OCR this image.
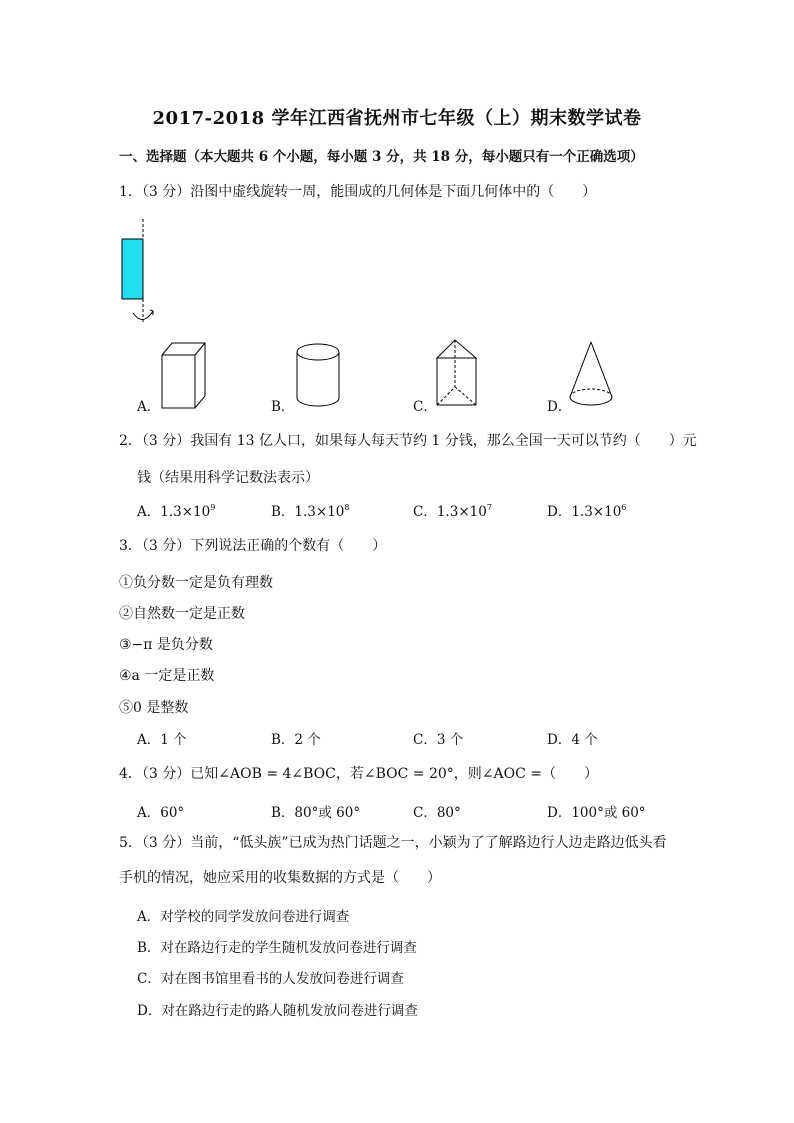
2017-2018 学年江西省抚州市七年级（上）期末数学试卷
一、选择题（本大题共 6 个小题，每小题 3 分，共 18 分，每小题只有一个正确选项）
1．（3 分）沿图中虚线旋转一周，能围成的几何体是下面几何体中的（　　）
A．	B．	C．	D．
2．（3 分）我国有 13 亿人口，如果每人每天节约 1 分钱，那么全国一天可以节约（　　）元
钱（结果用科学记数法表示）
A．$1.3\times 10^9$	B．$1.3\times 10^8$	C．$1.3\times 10^7$	D．$1.3\times 10^6$
3．（3 分）下列说法正确的个数有（　　）
①负分数一定是负有理数
②自然数一定是正数
③−π 是负分数
④a 一定是正数
⑤0 是整数
A．1 个	B．2 个	C．3 个	D．4 个
4．（3 分）已知∠AOB = 4∠BOC，若∠BOC = 20°，则∠AOC =（　　）
A．60°	B．80°或 60°	C．80°	D．100°或 60°
5．（3 分）当前，“低头族”已成为热门话题之一，小颖为了了解路边行人边走路边低头看
手机的情况，她应采用的收集数据的方式是（　　）
A．对学校的同学发放问卷进行调查
B．对在路边行走的学生随机发放问卷进行调查
C．对在图书馆里看书的人发放问卷进行调查
D．对在路边行走的路人随机发放问卷进行调查
